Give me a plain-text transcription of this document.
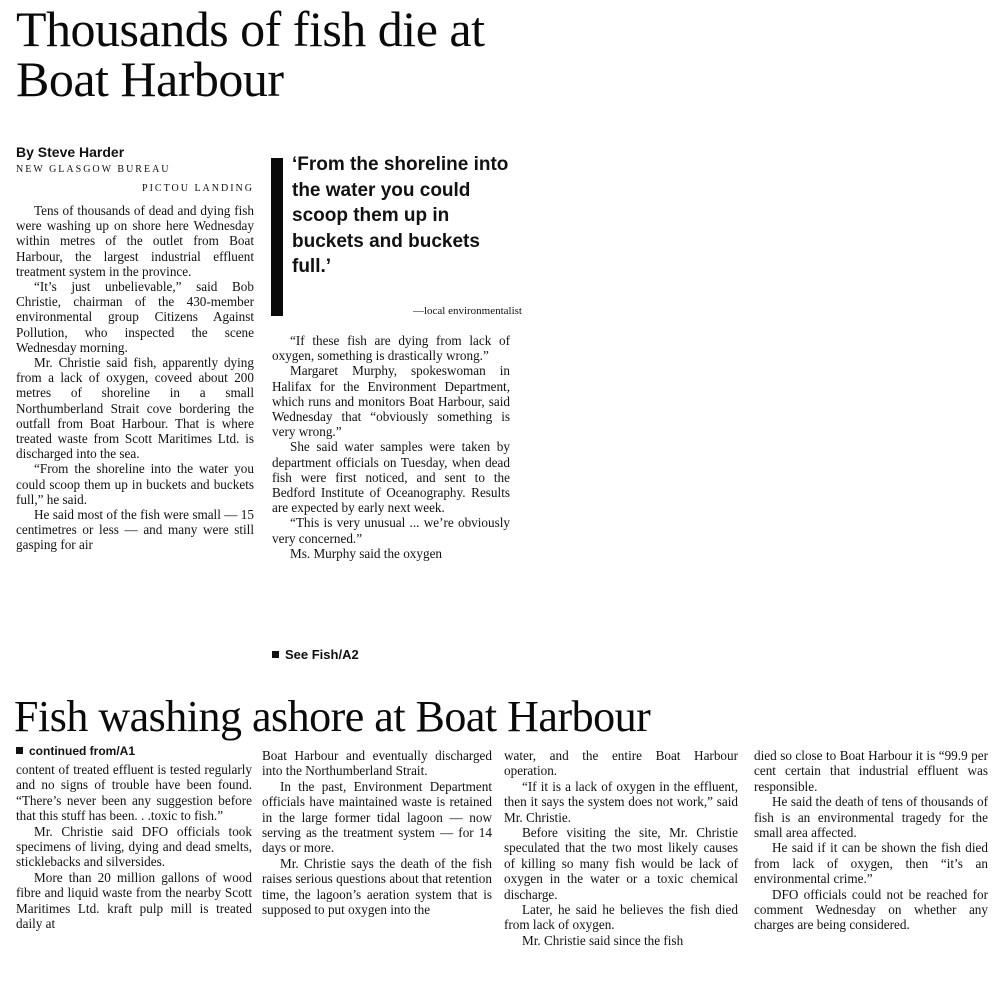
Thousands of fish die at Boat Harbour
By Steve Harder
NEW GLASGOW BUREAU
PICTOU LANDING

Tens of thousands of dead and dying fish were washing up on shore here Wednesday within metres of the outlet from Boat Harbour, the largest industrial effluent treatment system in the province.

“It’s just unbelievable,” said Bob Christie, chairman of the 430-member environmental group Citizens Against Pollution, who inspected the scene Wednesday morning.

Mr. Christie said fish, apparently dying from a lack of oxygen, coveed about 200 metres of shoreline in a small Northumberland Strait cove bordering the outfall from Boat Harbour. That is where treated waste from Scott Maritimes Ltd. is discharged into the sea.

“From the shoreline into the water you could scoop them up in buckets and buckets full,” he said.

He said most of the fish were small — 15 centimetres or less — and many were still gasping for air

‘From the shoreline into the water you could scoop them up in buckets and buckets full.’
—local environmentalist

“If these fish are dying from lack of oxygen, something is drastically wrong.”

Margaret Murphy, spokeswoman in Halifax for the Environment Department, which runs and monitors Boat Harbour, said Wednesday that “obviously something is very wrong.”

She said water samples were taken by department officials on Tuesday, when dead fish were first noticed, and sent to the Bedford Institute of Oceanography. Results are expected by early next week.

“This is very unusual ... we’re obviously very concerned.”

Ms. Murphy said the oxygen

See Fish/A2
Fish washing ashore at Boat Harbour
continued from/A1

content of treated effluent is tested regularly and no signs of trouble have been found. “There’s never been any suggestion before that this stuff has been. . .toxic to fish.”

Mr. Christie said DFO officials took specimens of living, dying and dead smelts, sticklebacks and silversides.

More than 20 million gallons of wood fibre and liquid waste from the nearby Scott Maritimes Ltd. kraft pulp mill is treated daily at

Boat Harbour and eventually discharged into the Northumberland Strait.

In the past, Environment Department officials have maintained waste is retained in the large former tidal lagoon — now serving as the treatment system — for 14 days or more.

Mr. Christie says the death of the fish raises serious questions about that retention time, the lagoon’s aeration system that is supposed to put oxygen into the

water, and the entire Boat Harbour operation.

“If it is a lack of oxygen in the effluent, then it says the system does not work,” said Mr. Christie.

Before visiting the site, Mr. Christie speculated that the two most likely causes of killing so many fish would be lack of oxygen in the water or a toxic chemical discharge.

Later, he said he believes the fish died from lack of oxygen.

Mr. Christie said since the fish

died so close to Boat Harbour it is “99.9 per cent certain that industrial effluent was responsible.

He said the death of tens of thousands of fish is an environmental tragedy for the small area affected.

He said if it can be shown the fish died from lack of oxygen, then “it’s an environmental crime.”

DFO officials could not be reached for comment Wednesday on whether any charges are being considered.
